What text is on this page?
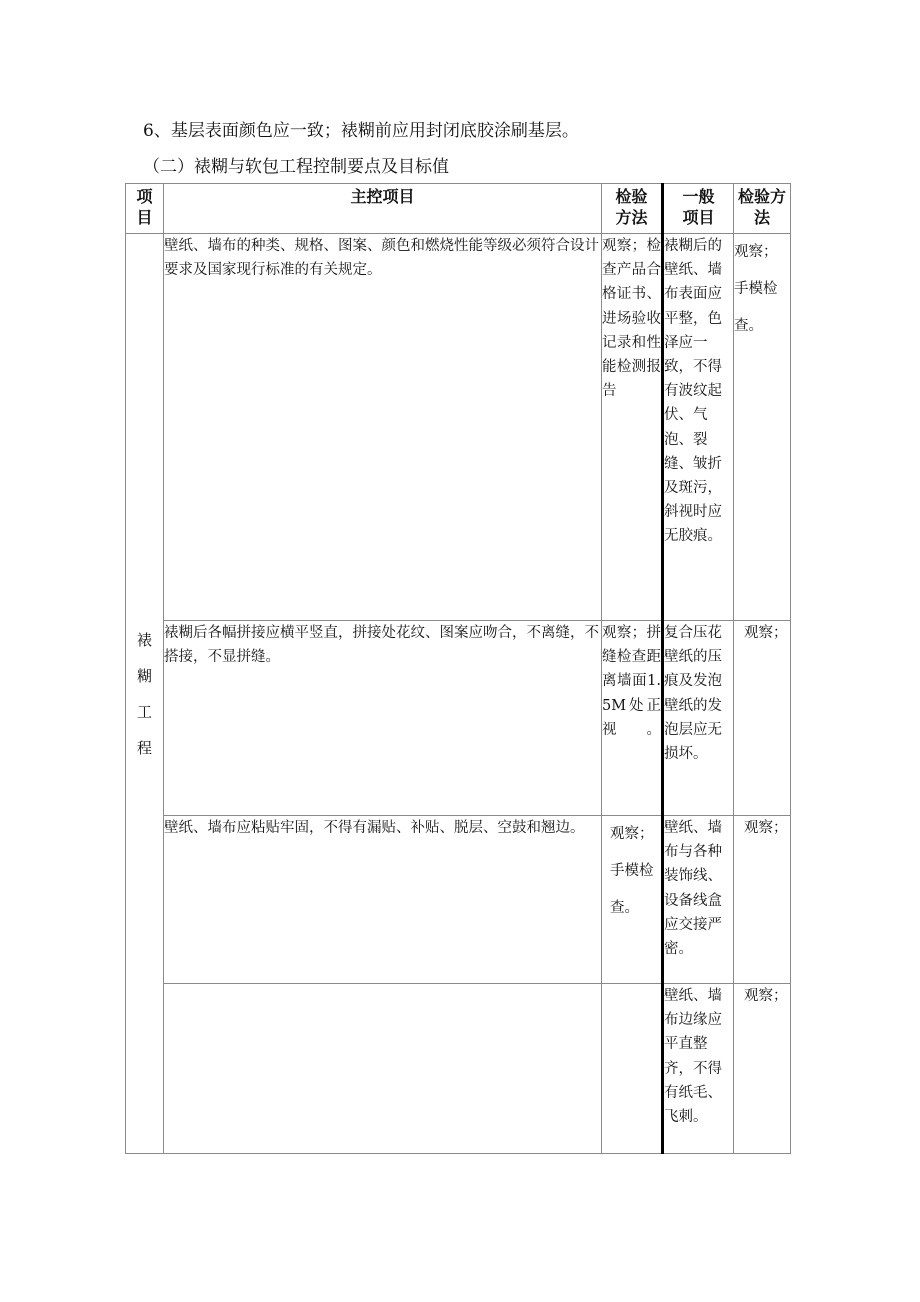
6、基层表面颜色应一致；裱糊前应用封闭底胶涂刷基层。
（二）裱糊与软包工程控制要点及目标值
项目	主控项目	检验方法	一般项目	检验方法

裱糊工程	壁纸、墙布的种类、规格、图案、颜色和燃烧性能等级必须符合设计要求及国家现行标准的有关规定。	观察；检查产品合格证书、进场验收记录和性能检测报告	裱糊后的壁纸、墙布表面应平整，色泽应一致，不得有波纹起伏、气泡、裂缝、皱折及斑污，斜视时应无胶痕。	观察；手模检查。
	裱糊后各幅拼接应横平竖直，拼接处花纹、图案应吻合，不离缝，不搭接，不显拼缝。	观察；拼缝检查距离墙面1.5M处正视。	复合压花壁纸的压痕及发泡壁纸的发泡层应无损坏。	观察；
	壁纸、墙布应粘贴牢固，不得有漏贴、补贴、脱层、空鼓和翘边。	观察；手模检查。	壁纸、墙布与各种装饰线、设备线盒应交接严密。	观察；
			壁纸、墙布边缘应平直整齐，不得有纸毛、飞刺。	观察；
